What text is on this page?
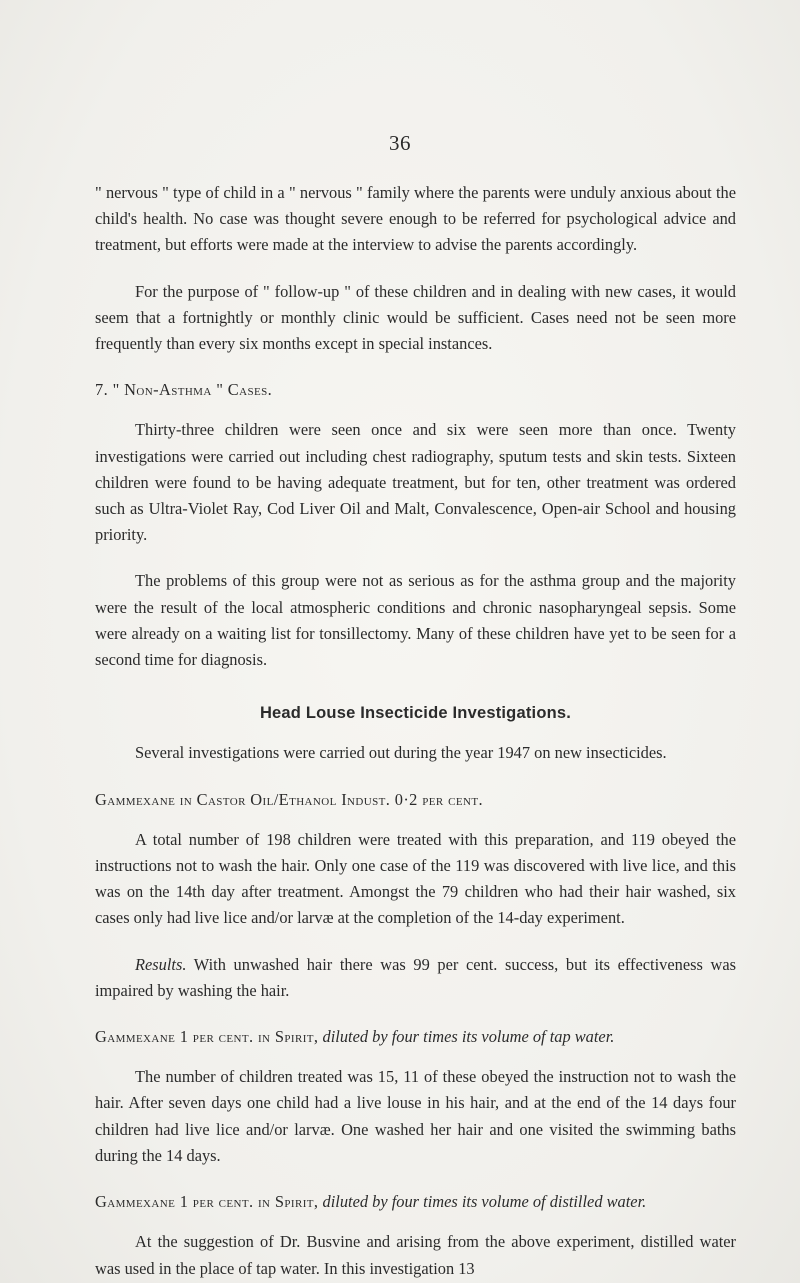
36

" nervous " type of child in a " nervous " family where the parents were unduly anxious about the child's health. No case was thought severe enough to be referred for psychological advice and treatment, but efforts were made at the interview to advise the parents accordingly.

For the purpose of " follow-up " of these children and in dealing with new cases, it would seem that a fortnightly or monthly clinic would be sufficient. Cases need not be seen more frequently than every six months except in special instances.

7. " Non-Asthma " Cases.

Thirty-three children were seen once and six were seen more than once. Twenty investigations were carried out including chest radiography, sputum tests and skin tests. Sixteen children were found to be having adequate treatment, but for ten, other treatment was ordered such as Ultra-Violet Ray, Cod Liver Oil and Malt, Convalescence, Open-air School and housing priority.

The problems of this group were not as serious as for the asthma group and the majority were the result of the local atmospheric conditions and chronic nasopharyngeal sepsis. Some were already on a waiting list for tonsillectomy. Many of these children have yet to be seen for a second time for diagnosis.

Head Louse Insecticide Investigations.

Several investigations were carried out during the year 1947 on new insecticides.

Gammexane in Castor Oil/Ethanol Indust. 0·2 per cent.

A total number of 198 children were treated with this preparation, and 119 obeyed the instructions not to wash the hair. Only one case of the 119 was discovered with live lice, and this was on the 14th day after treatment. Amongst the 79 children who had their hair washed, six cases only had live lice and/or larvæ at the completion of the 14-day experiment.

Results. With unwashed hair there was 99 per cent. success, but its effectiveness was impaired by washing the hair.

Gammexane 1 per cent. in Spirit, diluted by four times its volume of tap water.

The number of children treated was 15, 11 of these obeyed the instruction not to wash the hair. After seven days one child had a live louse in his hair, and at the end of the 14 days four children had live lice and/or larvæ. One washed her hair and one visited the swimming baths during the 14 days.

Gammexane 1 per cent. in Spirit, diluted by four times its volume of distilled water.

At the suggestion of Dr. Busvine and arising from the above experiment, distilled water was used in the place of tap water. In this investigation 13
